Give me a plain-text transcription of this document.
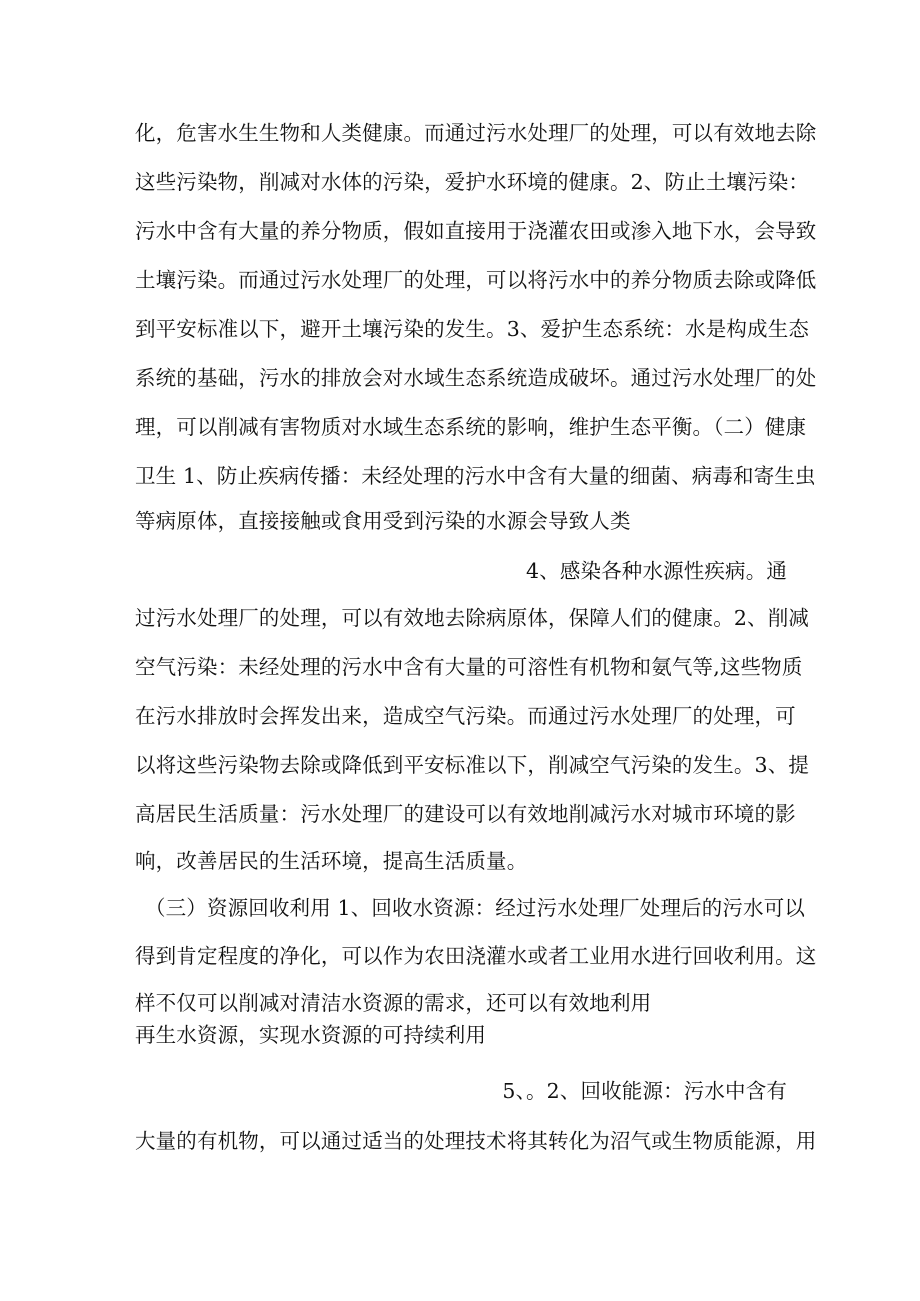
化，危害水生生物和人类健康。而通过污水处理厂的处理，可以有效地去除
这些污染物，削减对水体的污染，爱护水环境的健康。2、防止土壤污染：
污水中含有大量的养分物质，假如直接用于浇灌农田或渗入地下水，会导致
土壤污染。而通过污水处理厂的处理，可以将污水中的养分物质去除或降低
到平安标准以下，避开土壤污染的发生。3、爱护生态系统：水是构成生态
系统的基础，污水的排放会对水域生态系统造成破坏。通过污水处理厂的处
理，可以削减有害物质对水域生态系统的影响，维护生态平衡。（二）健康
卫生 1、防止疾病传播：未经处理的污水中含有大量的细菌、病毒和寄生虫
等病原体，直接接触或食用受到污染的水源会导致人类
4、感染各种水源性疾病。通
过污水处理厂的处理，可以有效地去除病原体，保障人们的健康。2、削减
空气污染：未经处理的污水中含有大量的可溶性有机物和氨气等,这些物质
在污水排放时会挥发出来，造成空气污染。而通过污水处理厂的处理，可
以将这些污染物去除或降低到平安标准以下，削减空气污染的发生。3、提
高居民生活质量：污水处理厂的建设可以有效地削减污水对城市环境的影
响，改善居民的生活环境，提高生活质量。
（三）资源回收利用 1、回收水资源：经过污水处理厂处理后的污水可以
得到肯定程度的净化，可以作为农田浇灌水或者工业用水进行回收利用。这
样不仅可以削减对清洁水资源的需求，还可以有效地利用
再生水资源，实现水资源的可持续利用
5、。2、回收能源：污水中含有
大量的有机物，可以通过适当的处理技术将其转化为沼气或生物质能源，用
